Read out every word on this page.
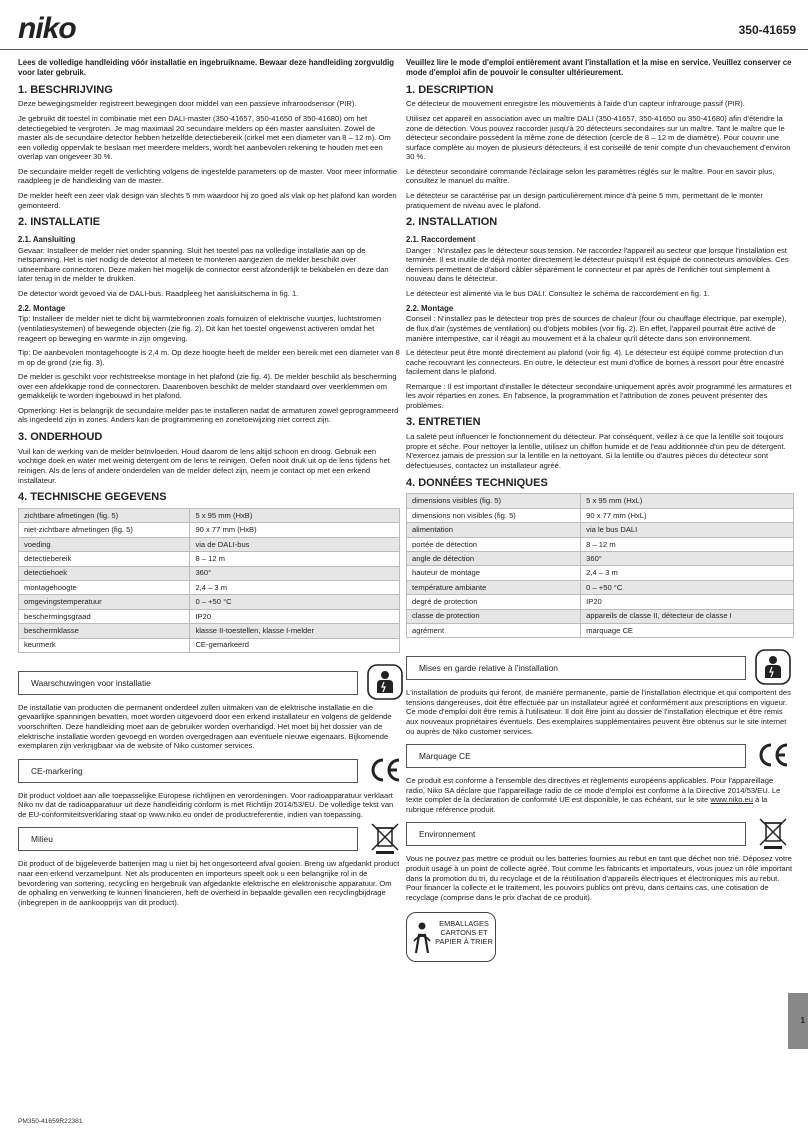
niko	350-41659

Lees de volledige handleiding vóór installatie en ingebruikname. Bewaar deze handleiding zorgvuldig voor later gebruik.

1. BESCHRIJVING

Deze bewegingsmelder registreert bewegingen door middel van een passieve infraroodsensor (PIR).

Je gebruikt dit toestel in combinatie met een DALI-master (350-41657, 350-41650 of 350-41680) om het detectiegebied te vergroten. Je mag maximaal 20 secundaire melders op één master aansluiten. Zowel de master als de secundaire detector hebben hetzelfde detectiebereik (cirkel met een diameter van 8 – 12 m). Om een volledig oppervlak te beslaan met meerdere melders, wordt het aanbevolen rekening te houden met een overlap van ongeveer 30 %.

De secundaire melder regelt de verlichting volgens de ingestelde parameters op de master. Voor meer informatie raadpleeg je de handleiding van de master.

De melder heeft een zeer vlak design van slechts 5 mm waardoor hij zo goed als vlak op het plafond kan worden gemonteerd.

2. INSTALLATIE
2.1. Aansluiting

Gevaar: Installeer de melder niet onder spanning. Sluit het toestel pas na volledige installatie aan op de netspanning. Het is niet nodig de detector al meteen te monteren aangezien de melder beschikt over uitneembare connectoren. Deze maken het mogelijk de connector eerst afzonderlijk te bekabelen en deze dan later terug in de melder te drukken.

De detector wordt gevoed via de DALI-bus. Raadpleeg het aansluitschema in fig. 1.

2.2. Montage

Tip: Installeer de melder niet te dicht bij warmtebronnen zoals fornuizen of elektrische vuurtjes, luchtstromen (ventilatiesystemen) of bewegende objecten (zie fig. 2). Dit kan het toestel ongewenst activeren omdat het reageert op beweging en warmte in zijn omgeving.

Tip: De aanbevolen montagehoogte is 2,4 m. Op deze hoogte heeft de melder een bereik met een diameter van 8 m op de grond (zie fig. 3).

De melder is geschikt voor rechtstreekse montage in het plafond (zie fig. 4). De melder beschikt als bescherming over een afdekkapje rond de connectoren. Daarenboven beschikt de melder standaard over veerklemmen om gemakkelijk te worden ingebouwd in het plafond.

Opmerking: Het is belangrijk de secundaire melder pas te installeren nadat de armaturen zowel geprogrammeerd als ingedeeld zijn in zones. Anders kan de programmering en zonetoewijzing niet correct zijn.

3. ONDERHOUD

Vuil kan de werking van de melder beïnvloeden. Houd daarom de lens altijd schoon en droog. Gebruik een vochtige doek en water met weinig detergent om de lens te reinigen. Oefen nooit druk uit op de lens tijdens het reinigen. Als de lens of andere onderdelen van de melder defect zijn, neem je contact op met een erkend installateur.

4. TECHNISCHE GEGEVENS
zichtbare afmetingen (fig. 5)	5 x 95 mm (HxB)
niet-zichtbare afmetingen (fig. 5)	90 x 77 mm (HxB)
voeding	via de DALI-bus
detectiebereik	8 – 12 m
detectiehoek	360°
montagehoogte	2,4 – 3 m
omgevingstemperatuur	0 – +50 °C
beschermingsgraad	IP20
beschermklasse	klasse II-toestellen, klasse I-melder
keurmerk	CE-gemarkeerd
Waarschuwingen voor installatie

De installatie van producten die permanent onderdeel zullen uitmaken van de elektrische installatie en die gevaarlijke spanningen bevatten, moet worden uitgevoerd door een erkend installateur en volgens de geldende voorschriften. Deze handleiding moet aan de gebruiker worden overhandigd. Het moet bij het dossier van de elektrische installatie worden gevoegd en worden overgedragen aan eventuele nieuwe eigenaars. Bijkomende exemplaren zijn verkrijgbaar via de website of Niko customer services.

CE-markering

Dit product voldoet aan alle toepasselijke Europese richtlijnen en verordeningen. Voor radioapparatuur verklaart Niko nv dat de radioapparatuur uit deze handleiding conform is met Richtlijn 2014/53/EU. De volledige tekst van de EU-conformiteitsverklaring staat op www.niko.eu onder de productreferentie, indien van toepassing.

Milieu

Dit product of de bijgeleverde batterijen mag u niet bij het ongesorteerd afval gooien. Breng uw afgedankt product naar een erkend verzamelpunt. Net als producenten en importeurs speelt ook u een belangrijke rol in de bevordering van sortering, recycling en hergebruik van afgedankte elektrische en elektronische apparatuur. Om de ophaling en verwerking te kunnen financieren, heft de overheid in bepaalde gevallen een recyclingbijdrage (inbegrepen in de aankoopprijs van dit product).

Veuillez lire le mode d'emploi entièrement avant l'installation et la mise en service. Veuillez conserver ce mode d'emploi afin de pouvoir le consulter ultérieurement.

1. DESCRIPTION

Ce détecteur de mouvement enregistre les mouvements à l'aide d'un capteur infrarouge passif (PIR).

Utilisez cet appareil en association avec un maître DALI (350-41657, 350-41650 ou 350-41680) afin d'étendre la zone de détection. Vous pouvez raccorder jusqu'à 20 détecteurs secondaires sur un maître. Tant le maître que le détecteur secondaire possèdent la même zone de détection (cercle de 8 – 12 m de diamètre). Pour couvrir une surface complète au moyen de plusieurs détecteurs, il est conseillé de tenir compte d'un chevauchement d'environ 30 %.

Le détecteur secondaire commande l'éclairage selon les paramètres réglés sur le maître. Pour en savoir plus, consultez le manuel du maître.

Le détecteur se caractérise par un design particulièrement mince d'à peine 5 mm, permettant de le monter pratiquement de niveau avec le plafond.

2. INSTALLATION
2.1. Raccordement

Danger : N'installez pas le détecteur sous tension. Ne raccordez l'appareil au secteur que lorsque l'installation est terminée. Il est inutile de déjà monter directement le détecteur puisqu'il est équipé de connecteurs amovibles. Ces derniers permettent de d'abord câbler séparément le connecteur et par après de l'enficher tout simplement à nouveau dans le détecteur.

Le détecteur est alimenté via le bus DALI. Consultez le schéma de raccordement en fig. 1.

2.2. Montage

Conseil : N'installez pas le détecteur trop près de sources de chaleur (four ou chauffage électrique, par exemple), de flux d'air (systèmes de ventilation) ou d'objets mobiles (voir fig. 2). En effet, l'appareil pourrait être activé de manière intempestive, car il réagit au mouvement et à la chaleur qu'il détecte dans son environnement.

Le détecteur peut être monté directement au plafond (voir fig. 4). Le détecteur est équipé comme protection d'un cache recouvrant les connecteurs. En outre, le détecteur est muni d'office de bornes à ressort pour être encastré facilement dans le plafond.

Remarque : Il est important d'installer le détecteur secondaire uniquement après avoir programmé les armatures et les avoir réparties en zones. En l'absence, la programmation et l'attribution de zones peuvent présenter des problèmes.

3. ENTRETIEN

La saleté peut influencer le fonctionnement du détecteur. Par conséquent, veillez à ce que la lentille soit toujours propre et sèche. Pour nettoyer la lentille, utilisez un chiffon humide et de l'eau additionnée d'un peu de détergent. N'exercez jamais de pression sur la lentille en la nettoyant. Si la lentille ou d'autres pièces du détecteur sont défectueuses, contactez un installateur agréé.

4. DONNÉES TECHNIQUES
dimensions visibles (fig. 5)	5 x 95 mm (HxL)
dimensions non visibles (fig. 5)	90 x 77 mm (HxL)
alimentation	via le bus DALI
portée de détection	8 – 12 m
angle de détection	360°
hauteur de montage	2,4 – 3 m
température ambiante	0 – +50 °C
degré de protection	IP20
classe de protection	appareils de classe II, détecteur de classe I
agrément	marquage CE
Mises en garde relative à l'installation

L'installation de produits qui feront, de manière permanente, partie de l'installation électrique et qui comportent des tensions dangereuses, doit être effectuée par un installateur agréé et conformément aux prescriptions en vigueur. Ce mode d'emploi doit être remis à l'utilisateur. Il doit être joint au dossier de l'installation électrique et être remis aux nouveaux propriétaires éventuels. Des exemplaires supplémentaires peuvent être obtenus sur le site internet ou auprès de Niko customer services.

Marquage CE

Ce produit est conforme à l'ensemble des directives et règlements européens applicables. Pour l'appareillage radio, Niko SA déclare que l'appareillage radio de ce mode d'emploi est conforme à la Directive 2014/53/EU. Le texte complet de la déclaration de conformité UE est disponible, le cas échéant, sur le site www.niko.eu à la rubrique référence produit.

Environnement

Vous ne pouvez pas mettre ce produit ou les batteries fournies au rebut en tant que déchet non trié. Déposez votre produit usagé à un point de collecte agréé. Tout comme les fabricants et importateurs, vous jouez un rôle important dans la promotion du tri, du recyclage et de la réutilisation d'appareils électriques et électroniques mis au rebut. Pour financer la collecte et le traitement, les pouvoirs publics ont prévu, dans certains cas, une cotisation de recyclage (comprise dans le prix d'achat de ce produit).

EMBALLAGES CARTONS ET PAPIER À TRIER
1
PM350-41659R22381
